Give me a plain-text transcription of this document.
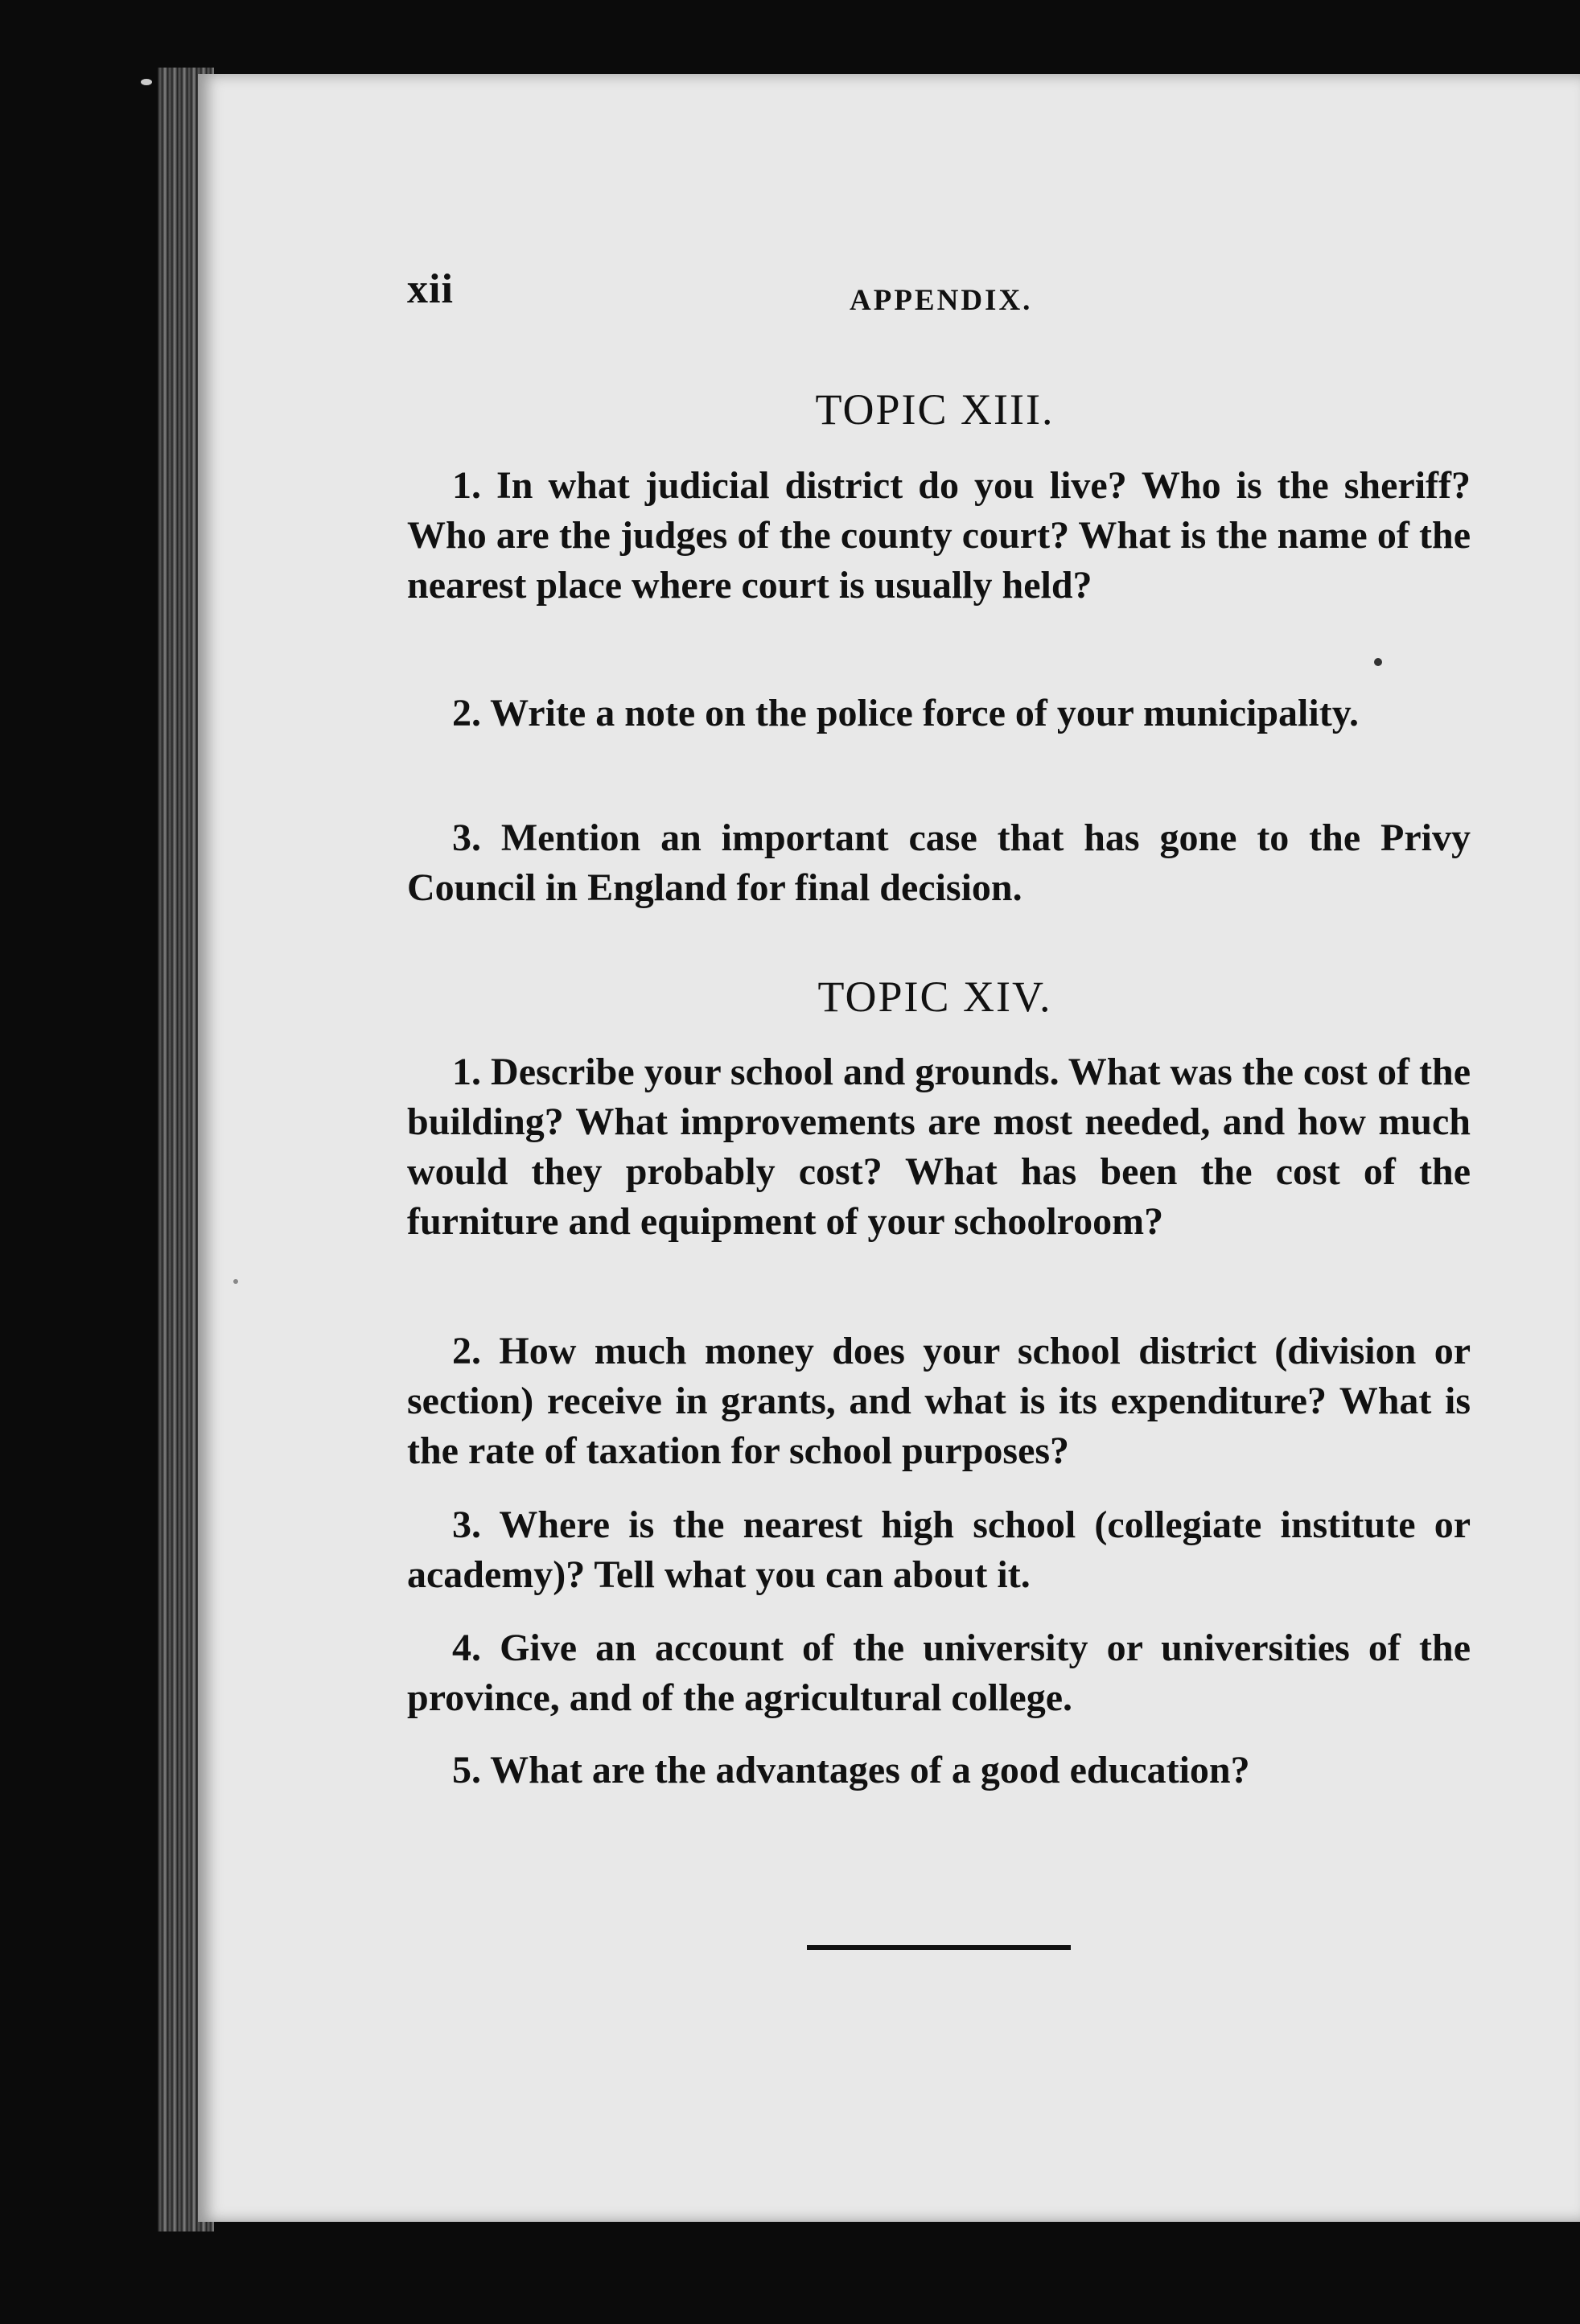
xii	APPENDIX.
TOPIC XIII.
1. In what judicial district do you live? Who is the sheriff? Who are the judges of the county court? What is the name of the nearest place where court is usually held?
2. Write a note on the police force of your municipality.
3. Mention an important case that has gone to the Privy Council in England for final decision.
TOPIC XIV.
1. Describe your school and grounds. What was the cost of the building? What improvements are most needed, and how much would they probably cost? What has been the cost of the furniture and equipment of your schoolroom?
2. How much money does your school district (division or section) receive in grants, and what is its expenditure? What is the rate of taxation for school purposes?
3. Where is the nearest high school (collegiate institute or academy)? Tell what you can about it.
4. Give an account of the university or universities of the province, and of the agricultural college.
5. What are the advantages of a good education?
